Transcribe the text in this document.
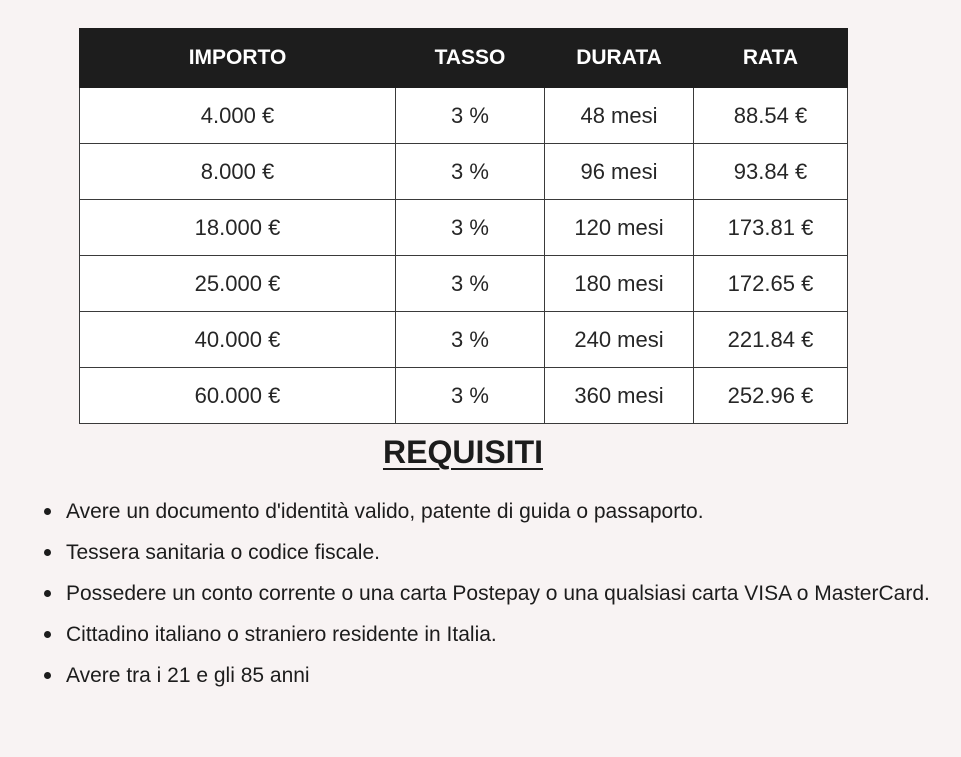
IMPORTO	TASSO	DURATA	RATA
4.000 €	3 %	48 mesi	88.54 €
8.000 €	3 %	96 mesi	93.84 €
18.000 €	3 %	120 mesi	173.81 €
25.000 €	3 %	180 mesi	172.65 €
40.000 €	3 %	240 mesi	221.84 €
60.000 €	3 %	360 mesi	252.96 €
REQUISITI
Avere un documento d'identità valido, patente di guida o passaporto.
Tessera sanitaria o codice fiscale.
Possedere un conto corrente o una carta Postepay o una qualsiasi carta VISA o MasterCard.
Cittadino italiano o straniero residente in Italia.
Avere tra i 21 e gli 85 anni
